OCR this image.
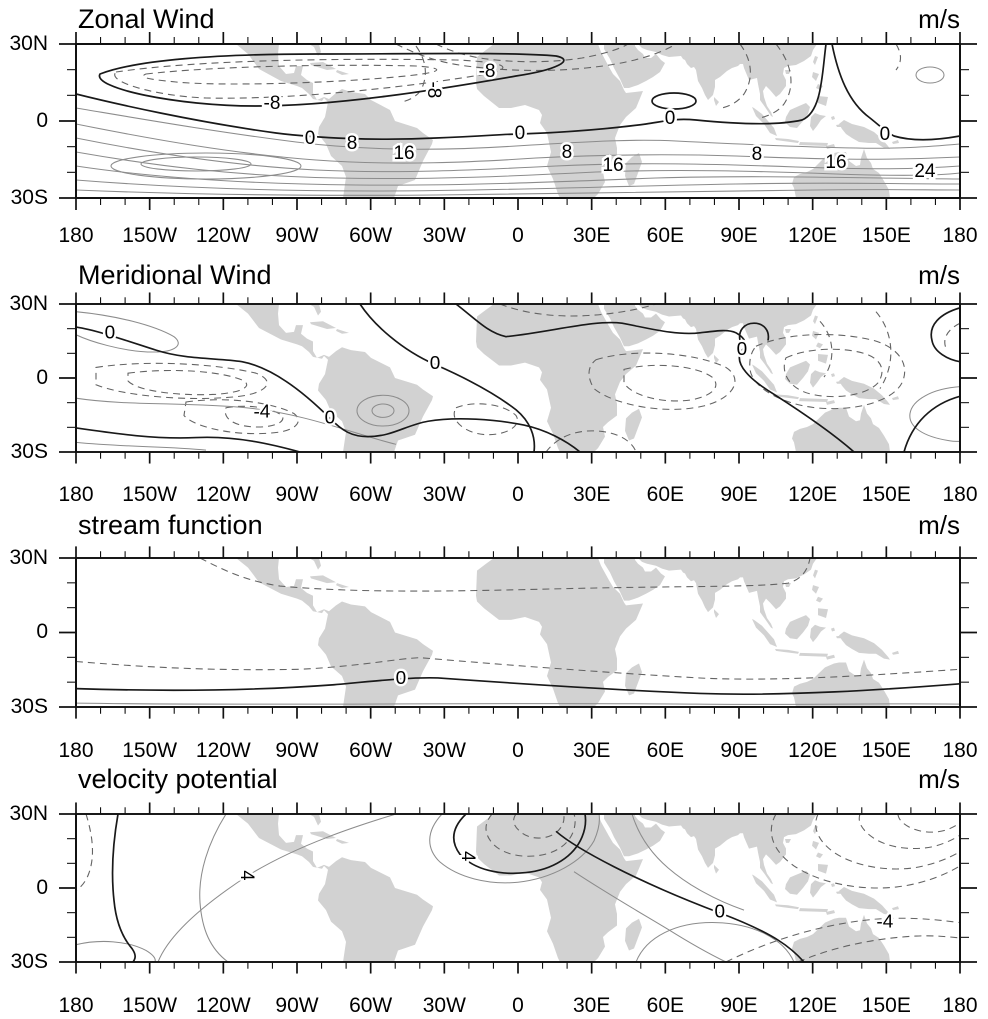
Zonal Wind	m/s
30N
0
30S
-8
-8
-8
0 8 16
0
0
8
16
8	16	24
0
180	150W 120W	90W	60W	30W	0	30E	60E	90E	120E	150E	180
Meridional Wind	m/s
30N
0
30S
0
0
0
0
-4
180	150W 120W	90W	60W	30W	0	30E	60E	90E	120E	150E	180
stream function	m/s
30N
0
30S
0
180	150W 120W	90W	60W	30W	0	30E	60E	90E	120E	150E	180
velocity potential	m/s
30N
0
30S
4
4
0	-4
180	150W 120W	90W	60W	30W	0	30E	60E	90E	120E	150E	180
